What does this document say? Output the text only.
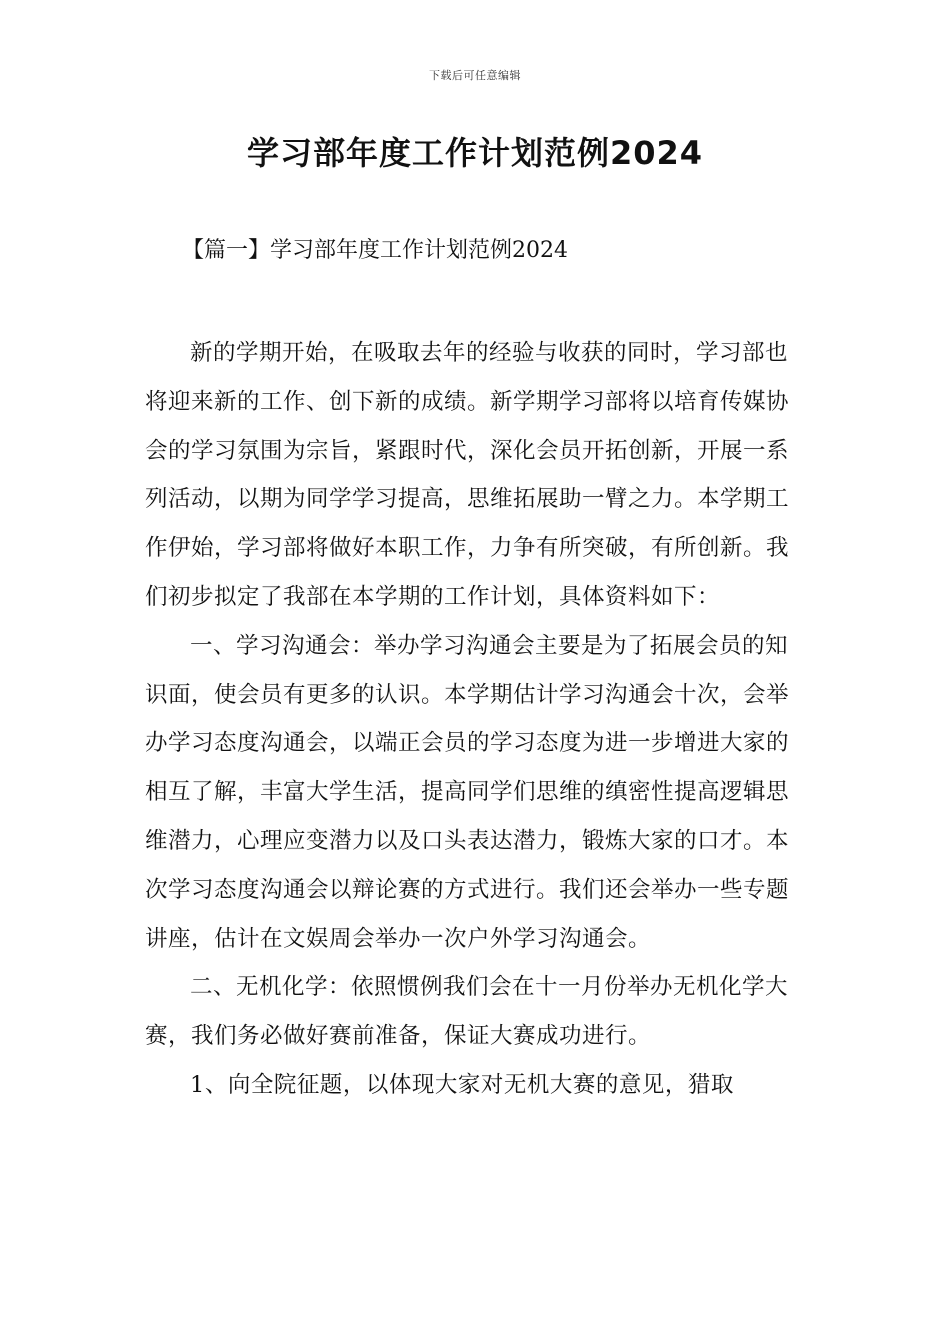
下载后可任意编辑
学习部年度工作计划范例2024
【篇一】学习部年度工作计划范例2024

新的学期开始，在吸取去年的经验与收获的同时，学习部也将迎来新的工作、创下新的成绩。新学期学习部将以培育传媒协会的学习氛围为宗旨，紧跟时代，深化会员开拓创新，开展一系列活动，以期为同学学习提高，思维拓展助一臂之力。本学期工作伊始，学习部将做好本职工作，力争有所突破，有所创新。我们初步拟定了我部在本学期的工作计划，具体资料如下：

一、学习沟通会：举办学习沟通会主要是为了拓展会员的知识面，使会员有更多的认识。本学期估计学习沟通会十次，会举办学习态度沟通会，以端正会员的学习态度为进一步增进大家的相互了解，丰富大学生活，提高同学们思维的缜密性提高逻辑思维潜力，心理应变潜力以及口头表达潜力，锻炼大家的口才。本次学习态度沟通会以辩论赛的方式进行。我们还会举办一些专题讲座，估计在文娱周会举办一次户外学习沟通会。

二、无机化学：依照惯例我们会在十一月份举办无机化学大赛，我们务必做好赛前准备，保证大赛成功进行。

1、向全院征题，以体现大家对无机大赛的意见，猎取
